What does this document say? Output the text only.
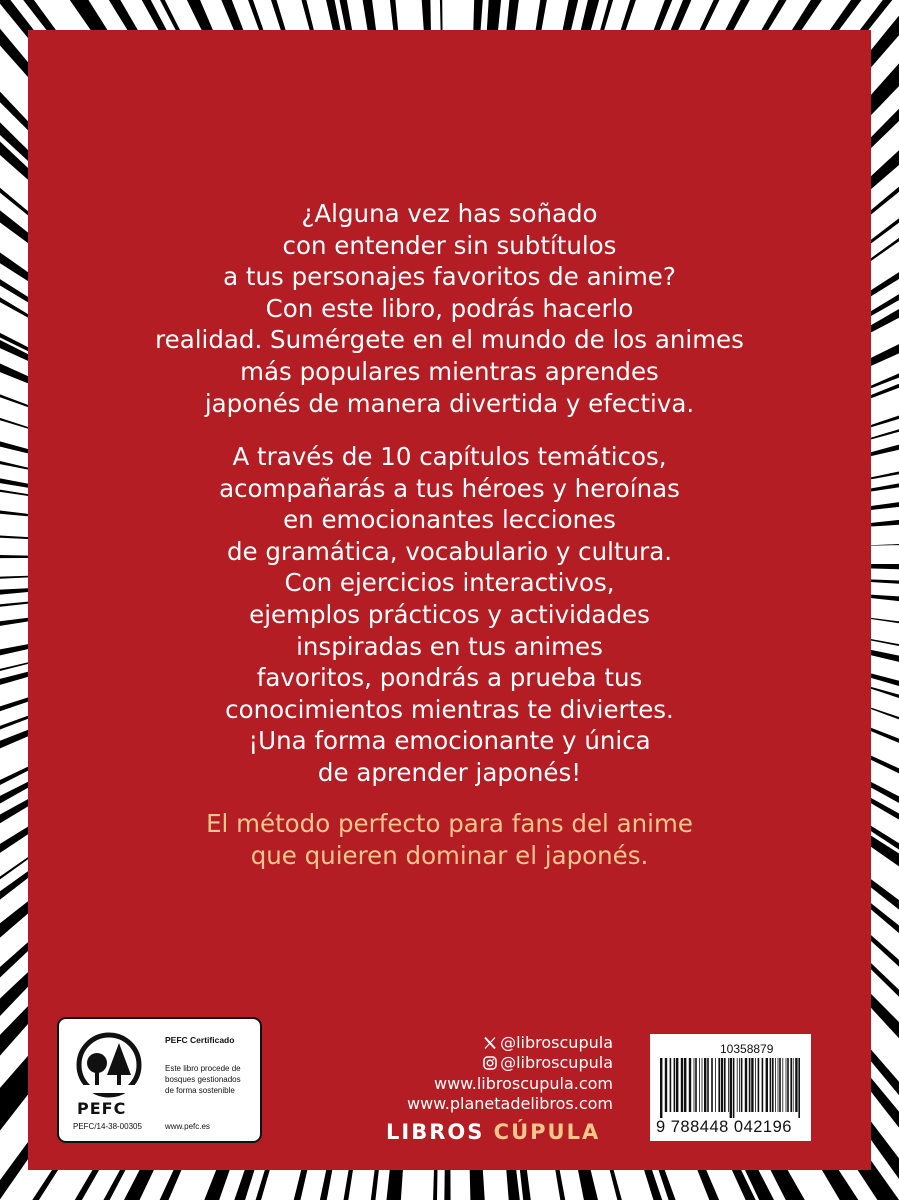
¿Alguna vez has soñado
con entender sin subtítulos
a tus personajes favoritos de anime?
Con este libro, podrás hacerlo
realidad. Sumérgete en el mundo de los animes
más populares mientras aprendes
japonés de manera divertida y efectiva.
A través de 10 capítulos temáticos,
acompañarás a tus héroes y heroínas
en emocionantes lecciones
de gramática, vocabulario y cultura.
Con ejercicios interactivos,
ejemplos prácticos y actividades
inspiradas en tus animes
favoritos, pondrás a prueba tus
conocimientos mientras te diviertes.
¡Una forma emocionante y única
de aprender japonés!
El método perfecto para fans del anime
que quieren dominar el japonés.
PEFC
PEFC Certificado
Este libro procede de
bosques gestionados
de forma sostenible
PEFC/14-38-00305	www.pefc.es
@libroscupula
@libroscupula
www.libroscupula.com
www.planetadelibros.com
LIBROS CÚPULA
10358879
9 788448 042196
